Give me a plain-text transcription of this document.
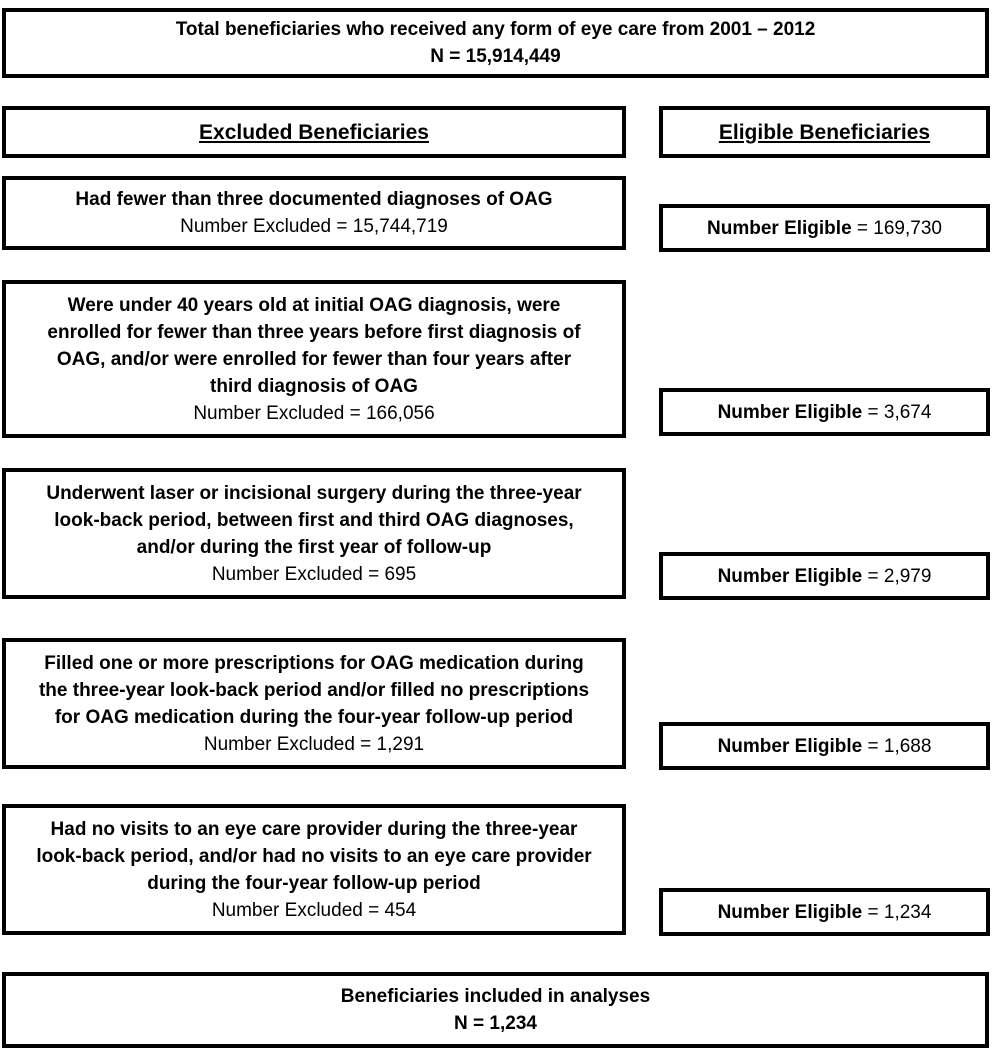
Total beneficiaries who received any form of eye care from 2001 – 2012
N = 15,914,449
Excluded Beneficiaries	Eligible Beneficiaries
Had fewer than three documented diagnoses of OAG
Number Excluded = 15,744,719	Number Eligible = 169,730
Were under 40 years old at initial OAG diagnosis, were
enrolled for fewer than three years before first diagnosis of
OAG, and/or were enrolled for fewer than four years after
third diagnosis of OAG
Number Excluded = 166,056	Number Eligible = 3,674
Underwent laser or incisional surgery during the three-year
look-back period, between first and third OAG diagnoses,
and/or during the first year of follow-up
Number Excluded = 695	Number Eligible = 2,979
Filled one or more prescriptions for OAG medication during
the three-year look-back period and/or filled no prescriptions
for OAG medication during the four-year follow-up period
Number Excluded = 1,291	Number Eligible = 1,688
Had no visits to an eye care provider during the three-year
look-back period, and/or had no visits to an eye care provider
during the four-year follow-up period
Number Excluded = 454	Number Eligible = 1,234
Beneficiaries included in analyses
N = 1,234
